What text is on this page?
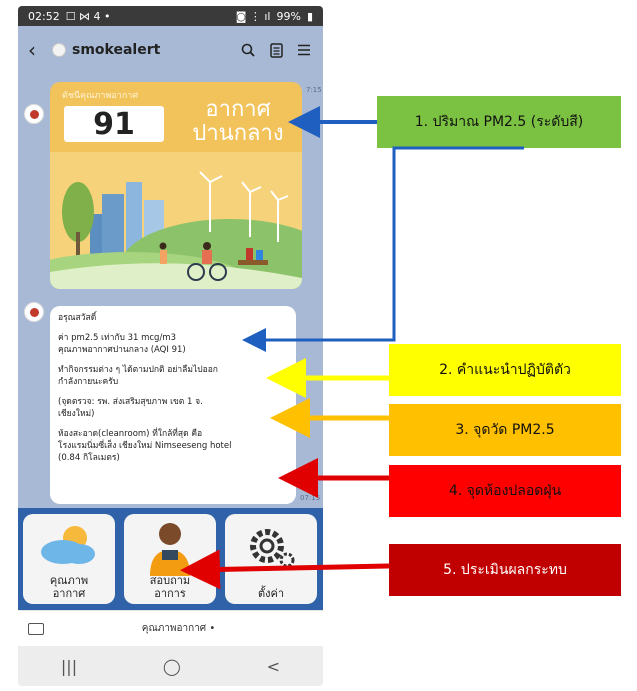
02:52 ☐ ⋈ 4 •	◙ ⋮ ıl 99% ▮
‹	smokealert
ดัชนีคุณภาพอากาศ
91	อากาศ
ปานกลาง
7:15

อรุณสวัสดิ์

ค่า pm2.5 เท่ากับ 31 mcg/m3
คุณภาพอากาศปานกลาง (AQI 91)

ทำกิจกรรมต่าง ๆ ได้ตามปกติ อย่าลืมไปออก
กำลังกายนะครับ

(จุดตรวจ: รพ. ส่งเสริมสุขภาพ เขต 1 จ.
เชียงใหม่)

ห้องสะอาด(cleanroom) ที่ใกล้ที่สุด คือ
โรงแรมนิ่มซี่เส็ง เชียงใหม่ Nimseeseng hotel
(0.84 กิโลเมตร)

07:15
คุณภาพ
อากาศ
สอบถาม
อาการ	ตั้งค่า
คุณภาพอากาศ •
|||	◯	<
1. ปริมาณ PM2.5 (ระดับสี)
2. คำแนะนำปฏิบัติตัว
3. จุดวัด PM2.5
4. จุดห้องปลอดฝุ่น
5. ประเมินผลกระทบ
